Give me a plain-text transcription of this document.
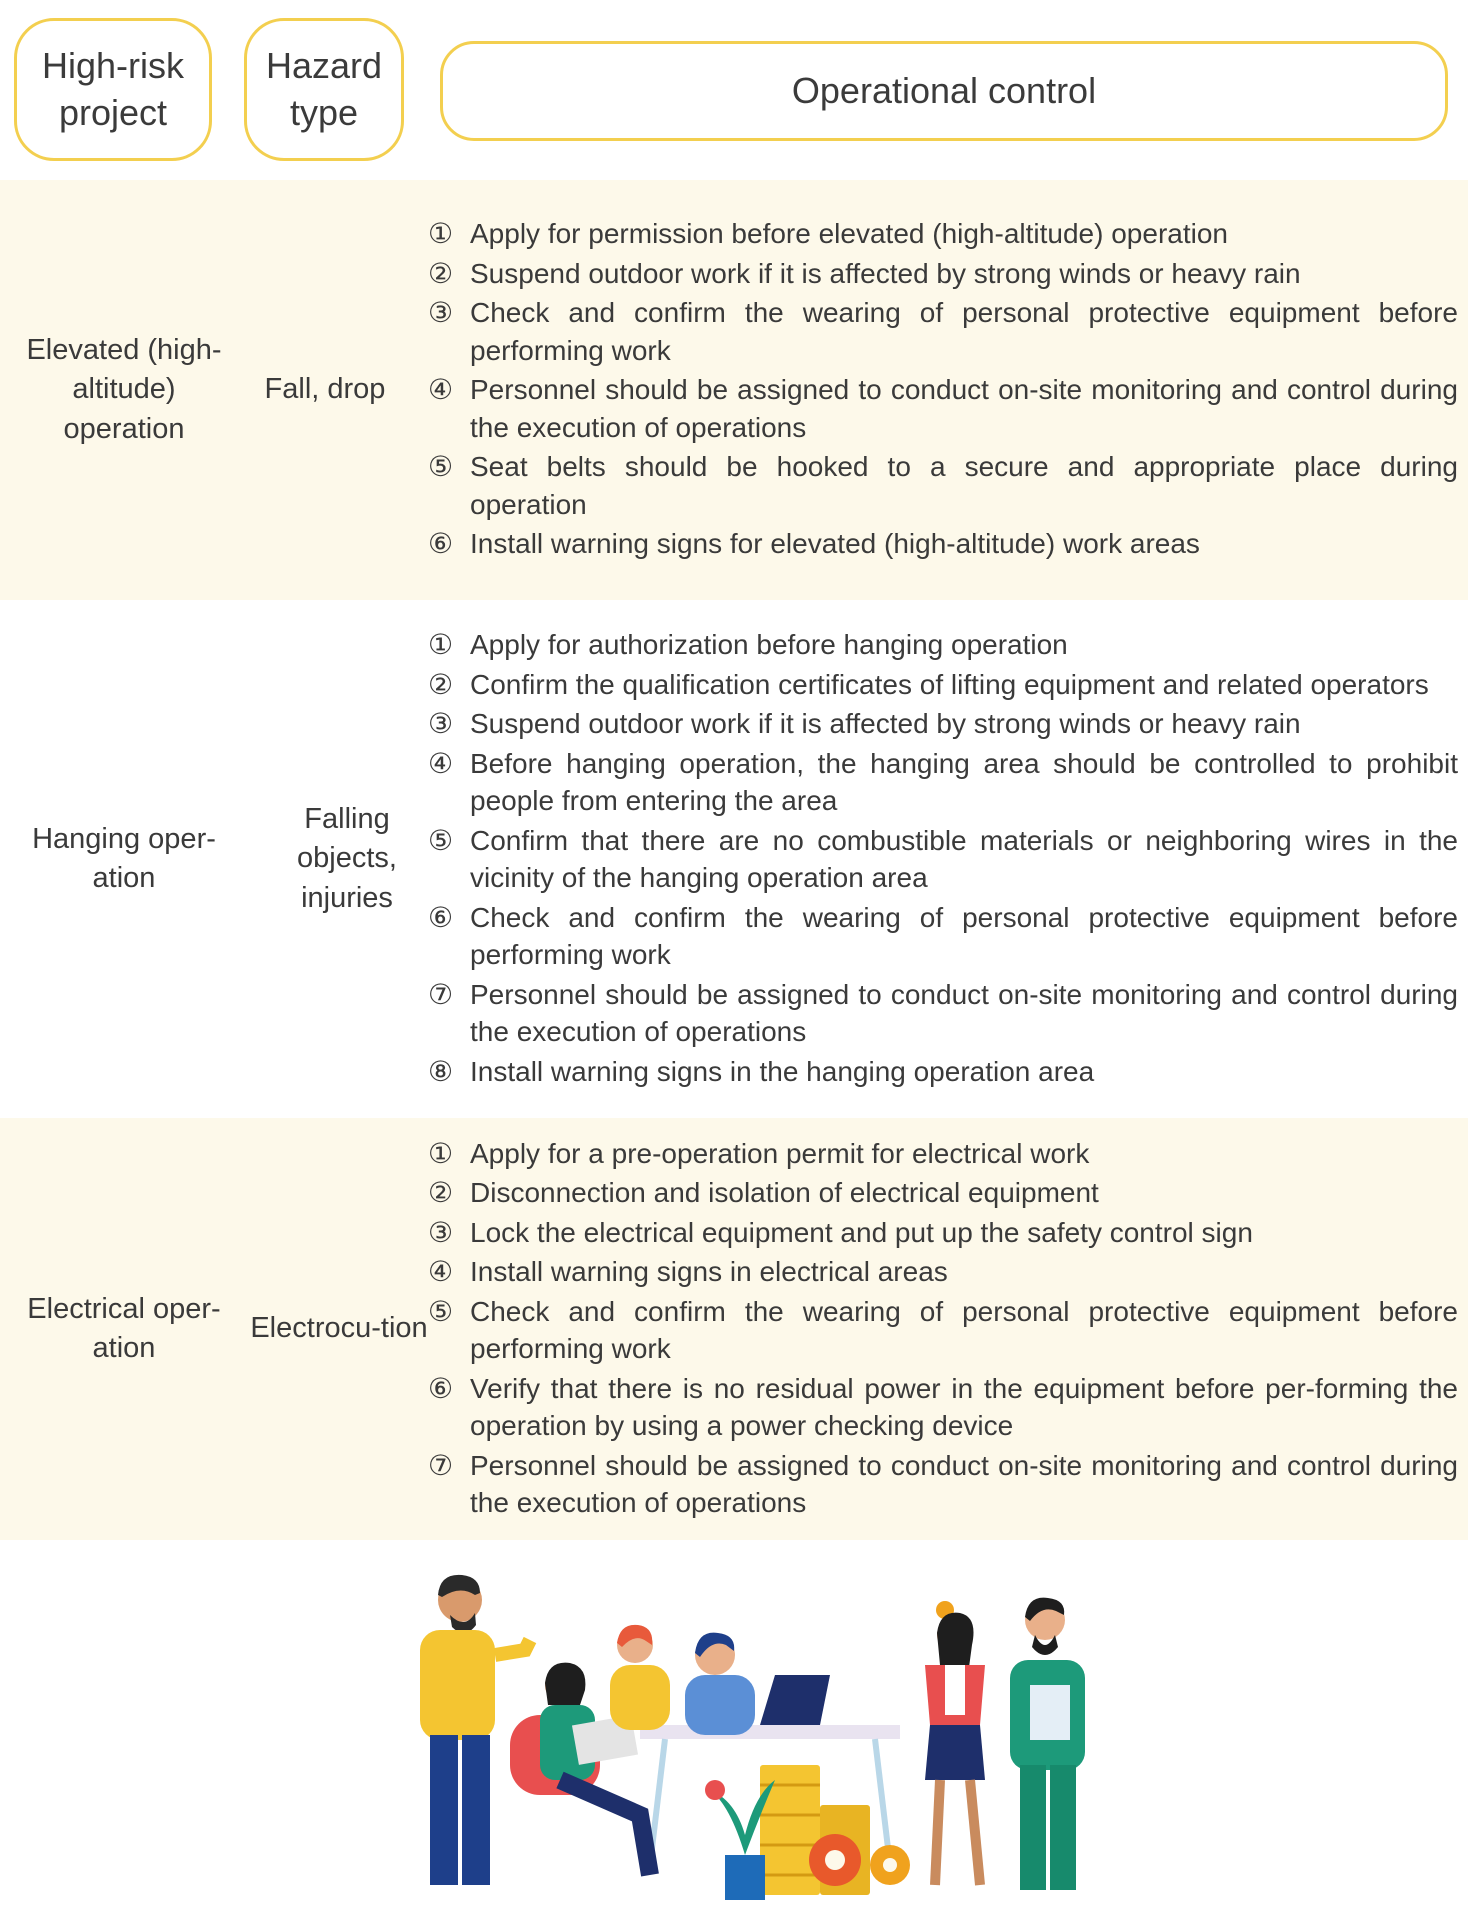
High-risk project
Hazard type
Operational control
Elevated (high-altitude) operation
Fall, drop
① Apply for permission before elevated (high-altitude) operation
② Suspend outdoor work if it is affected by strong winds or heavy rain
③ Check and confirm the wearing of personal protective equipment before performing work
④ Personnel should be assigned to conduct on-site monitoring and control during the execution of operations
⑤ Seat belts should be hooked to a secure and appropriate place during operation
⑥ Install warning signs for elevated (high-altitude) work areas
Hanging oper-ation
Falling objects, injuries
① Apply for authorization before hanging operation
② Confirm the qualification certificates of lifting equipment and related operators
③ Suspend outdoor work if it is affected by strong winds or heavy rain
④ Before hanging operation, the hanging area should be controlled to prohibit people from entering the area
⑤ Confirm that there are no combustible materials or neighboring wires in the vicinity of the hanging operation area
⑥ Check and confirm the wearing of personal protective equipment before performing work
⑦ Personnel should be assigned to conduct on-site monitoring and control during the execution of operations
⑧ Install warning signs in the hanging operation area
Electrical oper-ation
Electrocu-tion
① Apply for a pre-operation permit for electrical work
② Disconnection and isolation of electrical equipment
③ Lock the electrical equipment and put up the safety control sign
④ Install warning signs in electrical areas
⑤ Check and confirm the wearing of personal protective equipment before performing work
⑥ Verify that there is no residual power in the equipment before per-forming the operation by using a power checking device
⑦ Personnel should be assigned to conduct on-site monitoring and control during the execution of operations
